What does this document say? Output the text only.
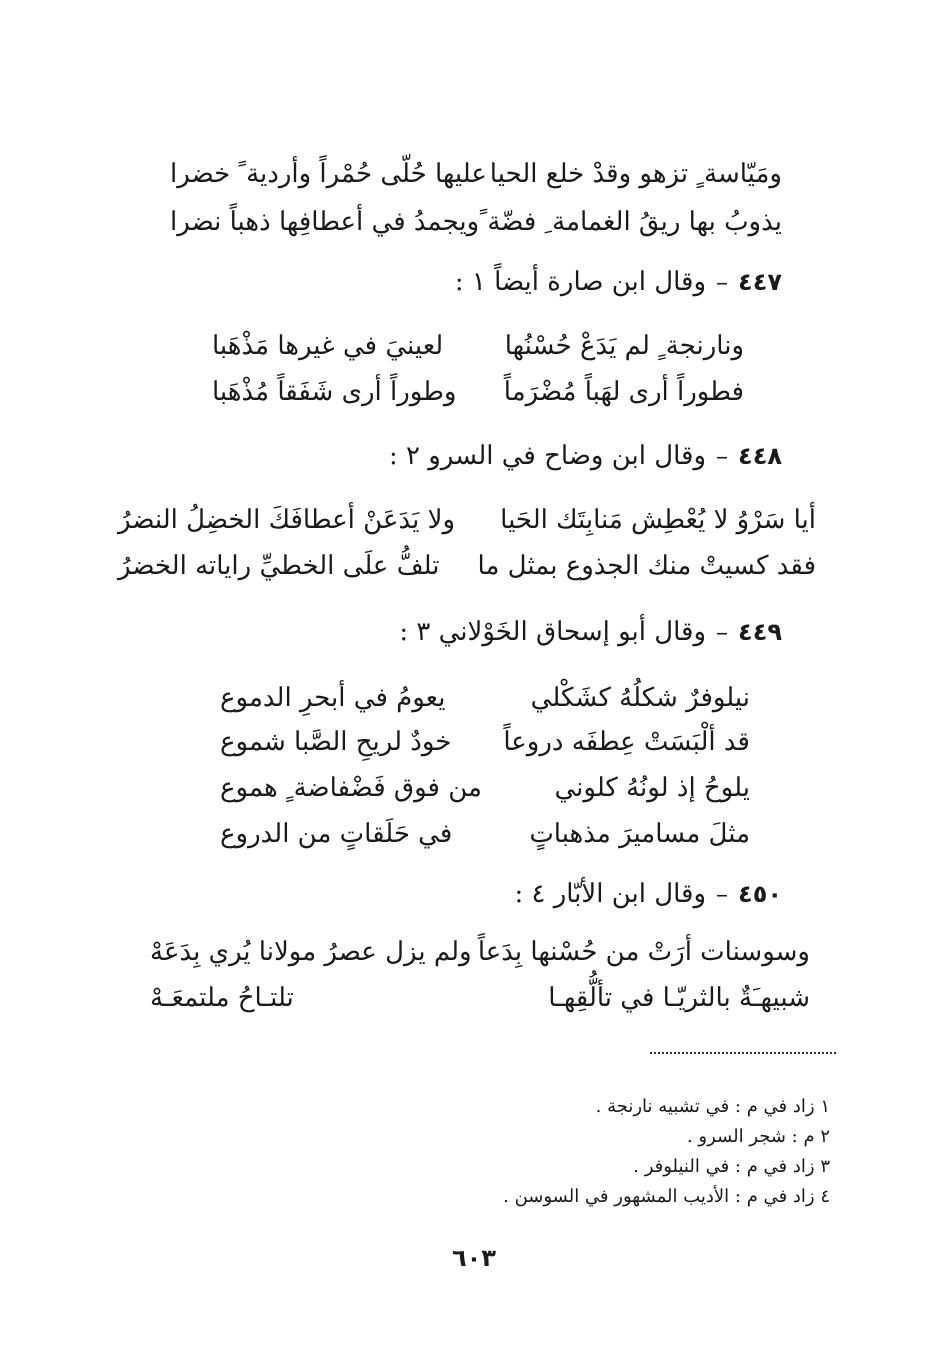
ومَيّاسة ٍ تزهو وقدْ خلع الحيا
عليها حُلّى حُمْراً وأردية ً خضرا
يذوبُ بها ريقُ الغمامة ِ فضّة ً
ويجمدُ في أعطافِها ذهباً نضرا
٤٤٧
–
وقال ابن صارة أيضاً ١ :
ونارنجة ٍ لم يَدَعْ حُسْنُها
لعينيَ في غيرها مَذْهَبا
فطوراً أرى لهَباً مُضْرَماً
وطوراً أرى شَفَقاً مُذْهَبا
٤٤٨
–
وقال ابن وضاح في السرو ٢ :
أيا سَرْوُ لا يُعْطِش مَنابِتَك الحَيا
ولا يَدَعَنْ أعطافَكَ الخضِلُ النضرُ
فقد كسيتْ منك الجذوع بمثل ما
تلفُّ علَى الخطيِّ راياته الخضرُ
٤٤٩
–
وقال أبو إسحاق الخَوْلاني ٣ :
نيلوفرٌ شكلُهُ كشَكْلي
يعومُ في أبحرِ الدموع
قد ألْبَسَتْ عِطفَه دروعاً
خودٌ لريحِ الصَّبا شموع
يلوحُ إذ لونُهُ كلوني
من فوق فَضْفاضة ٍ هموع
مثلَ مساميرَ مذهباتٍ
في حَلَقاتٍ من الدروع
٤٥٠
–
وقال ابن الأبّار ٤ :
وسوسنات أرَتْ من حُسْنها بِدَعاً
ولم يزل عصرُ مولانا يُري بِدَعَهْ
شبيهـَةٌ بالثريّـا في تألُّقِهـا
تلتـاحُ ملتمعَـهْ
١ زاد في م : في تشبيه نارنجة .
٢ م : شجر السرو .
٣ زاد في م : في النيلوفر .
٤ زاد في م : الأديب المشهور في السوسن .
٦٠٣
